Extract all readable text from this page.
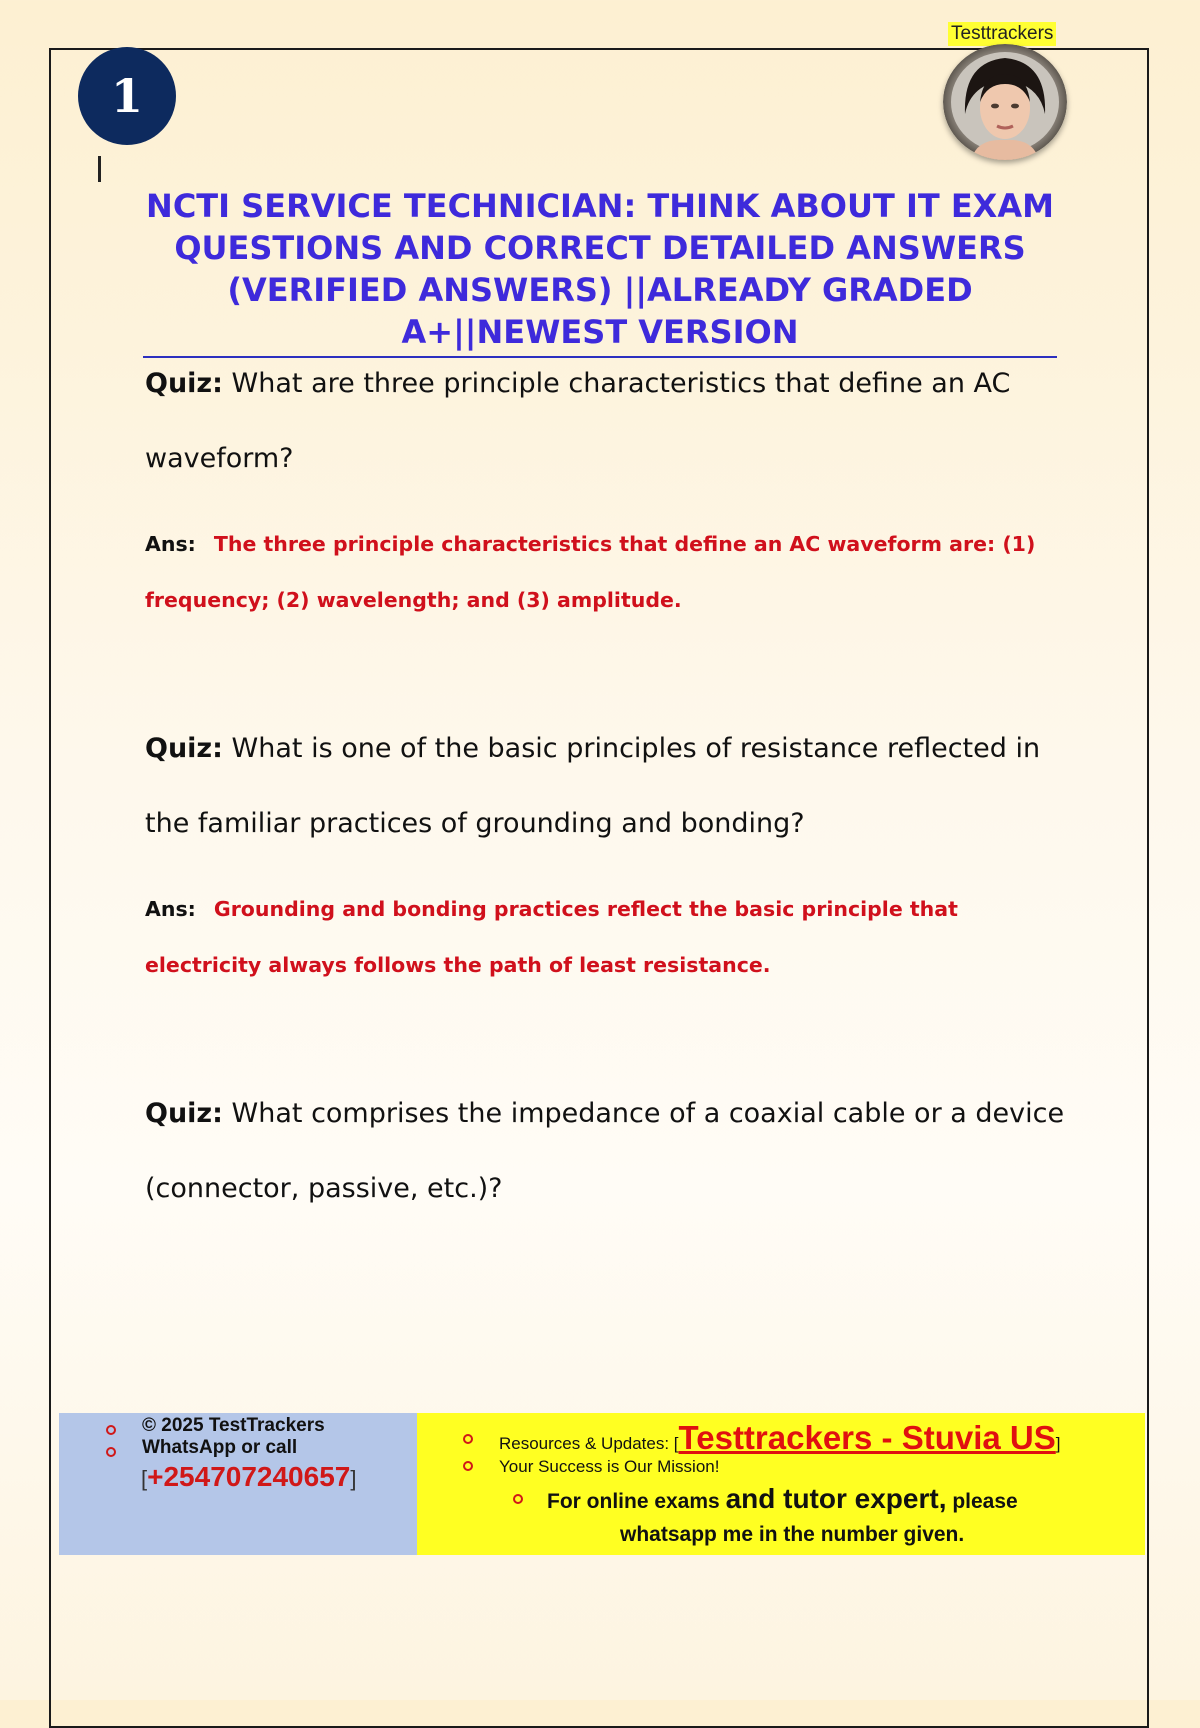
1
Testtrackers
NCTI SERVICE TECHNICIAN: THINK ABOUT IT EXAM QUESTIONS AND CORRECT DETAILED ANSWERS (VERIFIED ANSWERS) ||ALREADY GRADED A+||NEWEST VERSION
Quiz: What are three principle characteristics that define an AC waveform?
Ans: The three principle characteristics that define an AC waveform are: (1) frequency; (2) wavelength; and (3) amplitude.
Quiz: What is one of the basic principles of resistance reflected in the familiar practices of grounding and bonding?
Ans: Grounding and bonding practices reflect the basic principle that electricity always follows the path of least resistance.
Quiz: What comprises the impedance of a coaxial cable or a device (connector, passive, etc.)?
© 2025 TestTrackers
WhatsApp or call
[+254707240657]
Resources & Updates: [Testtrackers - Stuvia US]
Your Success is Our Mission!
For online exams and tutor expert, please
whatsapp me in the number given.
